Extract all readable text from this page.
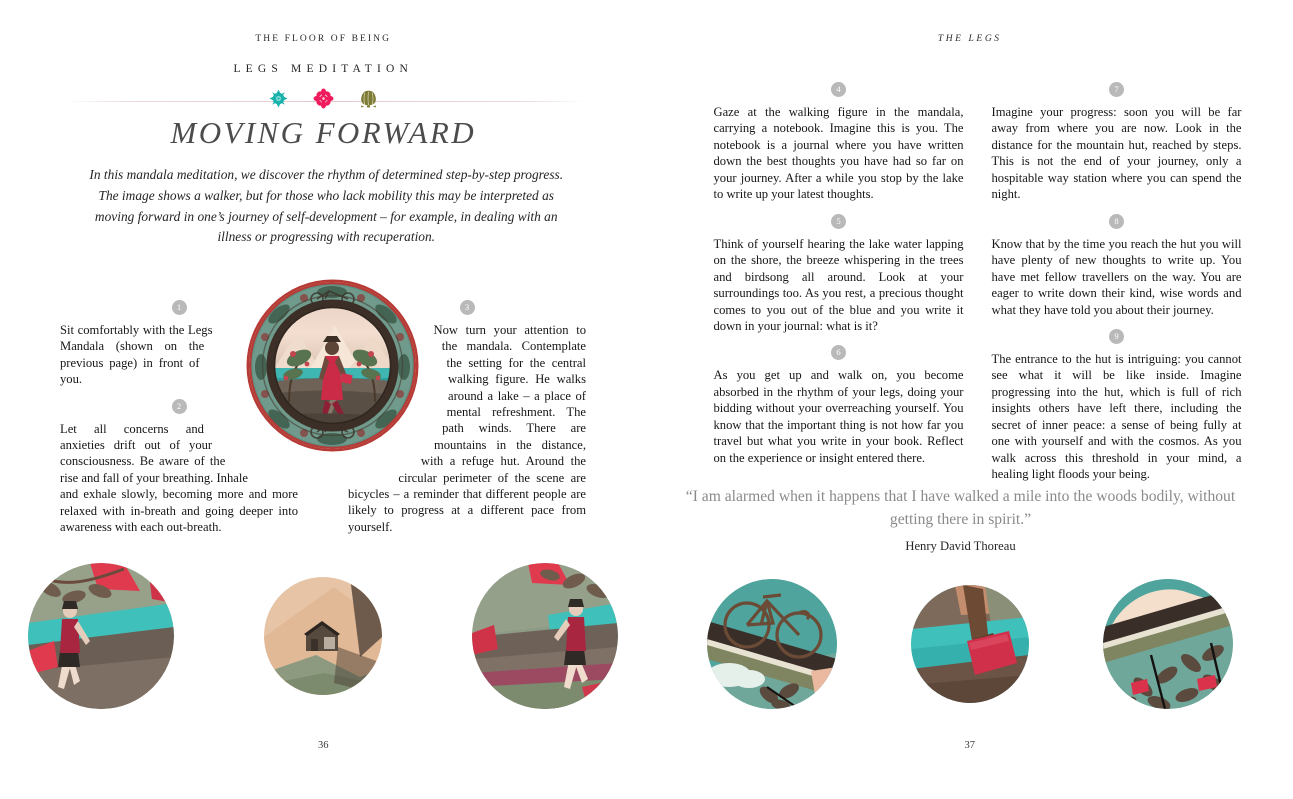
THE FLOOR OF BEING
LEGS MEDITATION
MOVING FORWARD
In this mandala meditation, we discover the rhythm of determined step-by-step progress. The image shows a walker, but for those who lack mobility this may be interpreted as moving forward in one’s journey of self-development – for example, in dealing with an illness or progressing with recuperation.
1

Sit comfortably with the Legs Mandala (shown on the previous page) in front of you.

2

Let all concerns and anxieties drift out of your consciousness. Be aware of the rise and fall of your breathing. Inhale and exhale slowly, becoming more and more relaxed with in-breath and going deeper into awareness with each out-breath.

3

Now turn your attention to the mandala. Contemplate the setting for the central walking figure. He walks around a lake – a place of mental refreshment. The path winds. There are mountains in the distance, with a refuge hut. Around the circular perimeter of the scene are bicycles – a reminder that different people are likely to progress at a different pace from yourself.

36
THE LEGS
4

Gaze at the walking figure in the mandala, carrying a notebook. Imagine this is you. The notebook is a journal where you have written down the best thoughts you have had so far on your journey. After a while you stop by the lake to write up your latest thoughts.

5

Think of yourself hearing the lake water lapping on the shore, the breeze whispering in the trees and birdsong all around. Look at your surroundings too. As you rest, a precious thought comes to you out of the blue and you write it down in your journal: what is it?

6

As you get up and walk on, you become absorbed in the rhythm of your legs, doing your bidding without your overreaching yourself. You know that the important thing is not how far you travel but what you write in your book. Reflect on the experience or insight entered there.

7

Imagine your progress: soon you will be far away from where you are now. Look in the distance for the mountain hut, reached by steps. This is not the end of your journey, only a hospitable way station where you can spend the night.

8

Know that by the time you reach the hut you will have plenty of new thoughts to write up. You have met fellow travellers on the way. You are eager to write down their kind, wise words and what they have told you about their journey.

9

The entrance to the hut is intriguing: you cannot see what it will be like inside. Imagine progressing into the hut, which is full of rich insights others have left there, including the secret of inner peace: a sense of being fully at one with yourself and with the cosmos. As you walk across this threshold in your mind, a healing light floods your being.

“I am alarmed when it happens that I have walked a mile into the woods bodily, without getting there in spirit.”
Henry David Thoreau
37
